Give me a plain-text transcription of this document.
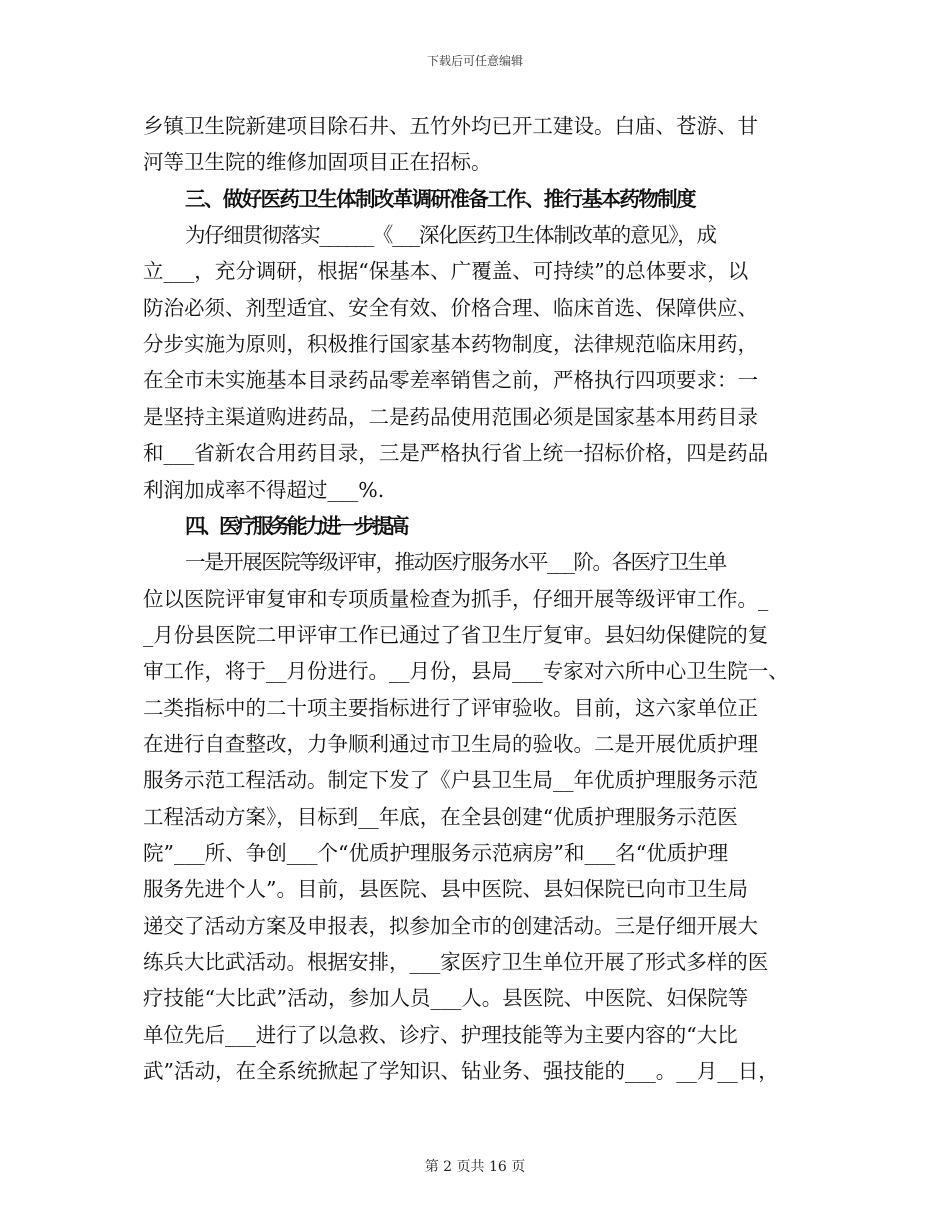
下载后可任意编辑
乡镇卫生院新建项目除石井、五竹外均已开工建设。白庙、苍游、甘
河等卫生院的维修加固项目正在招标。
三、做好医药卫生体制改革调研准备工作、推行基本药物制度
为仔细贯彻落实______《___深化医药卫生体制改革的意见》，成
立___，充分调研，根据“保基本、广覆盖、可持续”的总体要求，以
防治必须、剂型适宜、安全有效、价格合理、临床首选、保障供应、
分步实施为原则，积极推行国家基本药物制度，法律规范临床用药，
在全市未实施基本目录药品零差率销售之前，严格执行四项要求：一
是坚持主渠道购进药品，二是药品使用范围必须是国家基本用药目录
和___省新农合用药目录，三是严格执行省上统一招标价格，四是药品
利润加成率不得超过___%.
四、医疗服务能力进一步提高
一是开展医院等级评审，推动医疗服务水平___阶。各医疗卫生单
位以医院评审复审和专项质量检查为抓手，仔细开展等级评审工作。_
_月份县医院二甲评审工作已通过了省卫生厅复审。县妇幼保健院的复
审工作，将于__月份进行。__月份，县局___专家对六所中心卫生院一、
二类指标中的二十项主要指标进行了评审验收。目前，这六家单位正
在进行自查整改，力争顺利通过市卫生局的验收。二是开展优质护理
服务示范工程活动。制定下发了《户县卫生局__年优质护理服务示范
工程活动方案》，目标到__年底，在全县创建“优质护理服务示范医
院”___所、争创___个“优质护理服务示范病房”和___名“优质护理
服务先进个人”。目前，县医院、县中医院、县妇保院已向市卫生局
递交了活动方案及申报表，拟参加全市的创建活动。三是仔细开展大
练兵大比武活动。根据安排，___家医疗卫生单位开展了形式多样的医
疗技能“大比武”活动，参加人员___人。县医院、中医院、妇保院等
单位先后___进行了以急救、诊疗、护理技能等为主要内容的“大比
武”活动，在全系统掀起了学知识、钻业务、强技能的___。__月__日，
第 2 页共 16 页
